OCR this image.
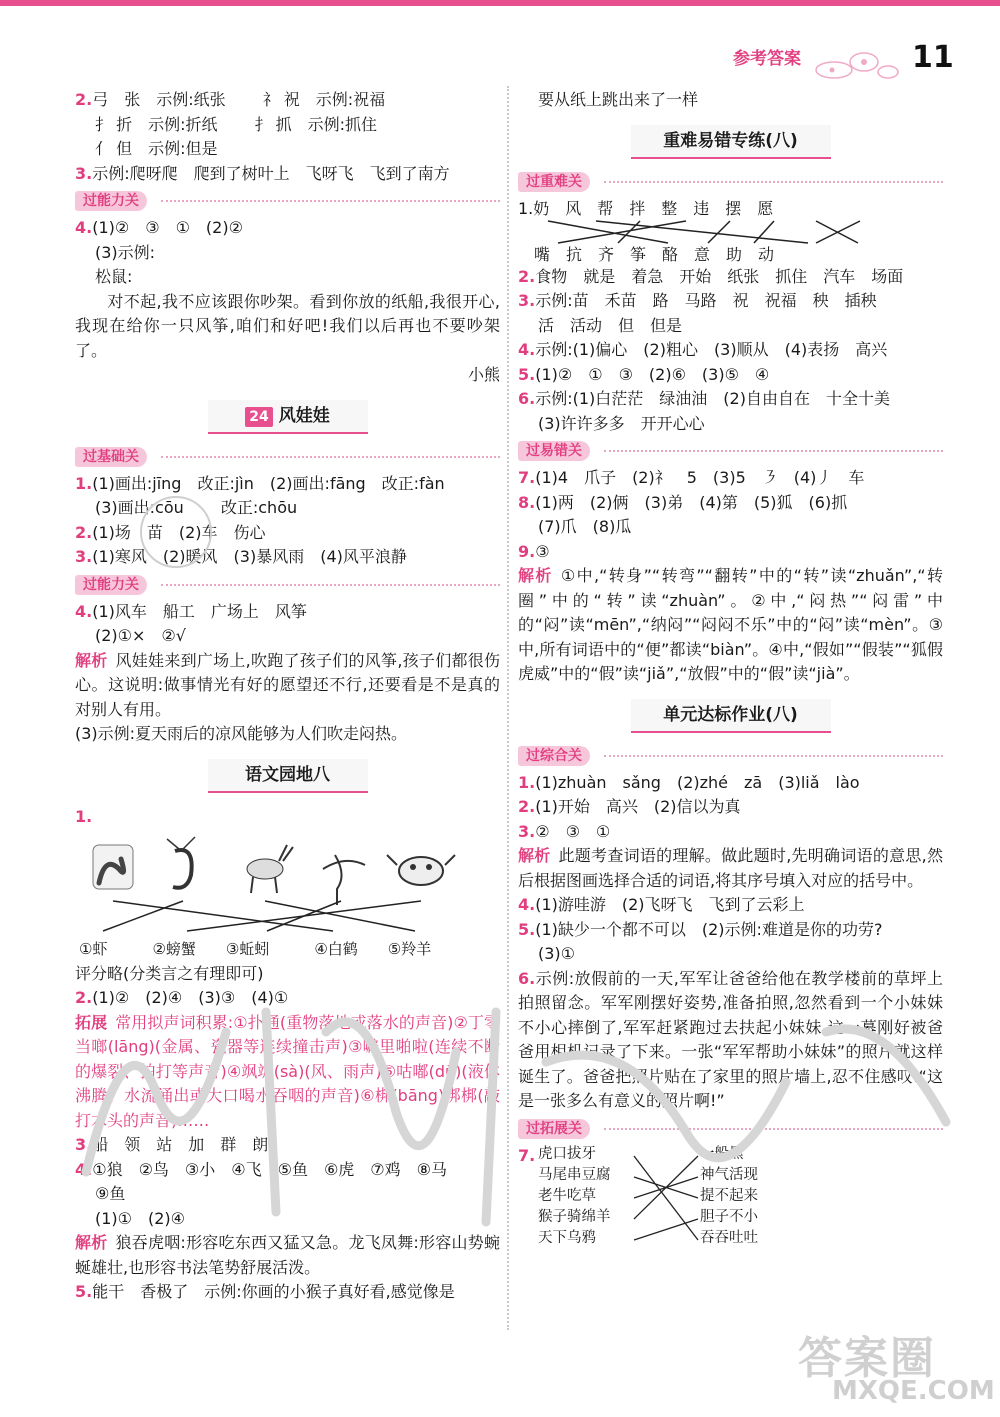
参考答案	11
2.弓　张　示例:纸张　　 礻 祝　示例:祝福
扌 折　示例:折纸　　 扌 抓　示例:抓住
亻 但　示例:但是
3.示例:爬呀爬　爬到了树叶上　飞呀飞　飞到了南方
过能力关
4.(1)②　③　①　(2)②
(3)示例:
松鼠:
对不起,我不应该跟你吵架。看到你放的纸船,我很开心,我现在给你一只风筝,咱们和好吧!我们以后再也不要吵架了。
小熊
24 风娃娃
过基础关
1.(1)画出:jīng　改正:jìn　(2)画出:fāng　改正:fàn
(3)画出:cōu　　 改正:chōu
2.(1)场　苗　(2)车　伤心
3.(1)寒风　(2)暖风　(3)暴风雨　(4)风平浪静
过能力关
4.(1)风车　船工　广场上　风筝
(2)①×　②√
解析 风娃娃来到广场上,吹跑了孩子们的风筝,孩子们都很伤心。这说明:做事情光有好的愿望还不行,还要看是不是真的对别人有用。
(3)示例:夏天雨后的凉风能够为人们吹走闷热。
语文园地八
1.
①虾　　　②螃蟹　　③蚯蚓　　　④白鹤　　⑤羚羊
评分略(分类言之有理即可)
2.(1)②　(2)④　(3)③　(4)①
拓展 常用拟声词积累:①扑通(重物落地或落水的声音)②丁零当啷(lāng)(金属、瓷器等连续撞击声)③噼里啪啦(连续不断的爆裂、拍打等声音)④飒飒(sà)(风、雨声)⑤咕嘟(dū)(液体沸腾、水流涌出或大口喝水吞咽的声音)⑥梆(bāng)梆梆(敲打木头的声音)……
3.船　领　站　加　群　朗
4.①狼　②鸟　③小　④飞　⑤鱼　⑥虎　⑦鸡　⑧马
⑨鱼
(1)①　(2)④
解析 狼吞虎咽:形容吃东西又猛又急。龙飞凤舞:形容山势蜿蜒雄壮,也形容书法笔势舒展活泼。
5.能干　香极了　示例:你画的小猴子真好看,感觉像是
要从纸上跳出来了一样
重难易错专练(八)
过重难关
1.奶　风　帮　拌　整　违　摆　愿
　嘴　抗　齐　筝　酪　意　助　动
2.食物　就是　着急　开始　纸张　抓住　汽车　场面
3.示例:苗　禾苗　路　马路　祝　祝福　秧　插秧
活　活动　但　但是
4.示例:(1)偏心　(2)粗心　(3)顺从　(4)表扬　高兴
5.(1)②　①　③　(2)⑥　(3)⑤　④
6.示例:(1)白茫茫　绿油油　(2)自由自在　十全十美
(3)许许多多　开开心心
过易错关
7.(1)4　爪子　(2)礻　5　(3)5　㇋　(4)丿　车
8.(1)两　(2)俩　(3)弟　(4)第　(5)狐　(6)抓
(7)爪　(8)瓜
9.③
解析 ①中,“转身”“转弯”“翻转”中的“转”读“zhuǎn”,“转圈”中的“转”读“zhuàn”。②中,“闷热”“闷雷”中的“闷”读“mēn”,“纳闷”“闷闷不乐”中的“闷”读“mèn”。③中,所有词语中的“便”都读“biàn”。④中,“假如”“假装”“狐假虎威”中的“假”读“jiǎ”,“放假”中的“假”读“jià”。
单元达标作业(八)
过综合关
1.(1)zhuàn　sǎng　(2)zhé　zā　(3)liǎ　lào
2.(1)开始　高兴　(2)信以为真
3.②　③　①
解析 此题考查词语的理解。做此题时,先明确词语的意思,然后根据图画选择合适的词语,将其序号填入对应的括号中。
4.(1)游哇游　(2)飞呀飞　飞到了云彩上
5.(1)缺少一个都不可以　(2)示例:难道是你的功劳?
(3)①
6.示例:放假前的一天,军军让爸爸给他在教学楼前的草坪上拍照留念。军军刚摆好姿势,准备拍照,忽然看到一个小妹妹不小心摔倒了,军军赶紧跑过去扶起小妹妹,这一幕刚好被爸爸用相机记录了下来。一张“军军帮助小妹妹”的照片就这样诞生了。爸爸把照片贴在了家里的照片墙上,忍不住感叹:“这是一张多么有意义的照片啊!”
过拓展关
7. 虎口拔牙
马尾串豆腐
老牛吃草
猴子骑绵羊
天下乌鸦
一般黑
神气活现
提不起来
胆子不小
吞吞吐吐
答案圈
MXQE.COM
